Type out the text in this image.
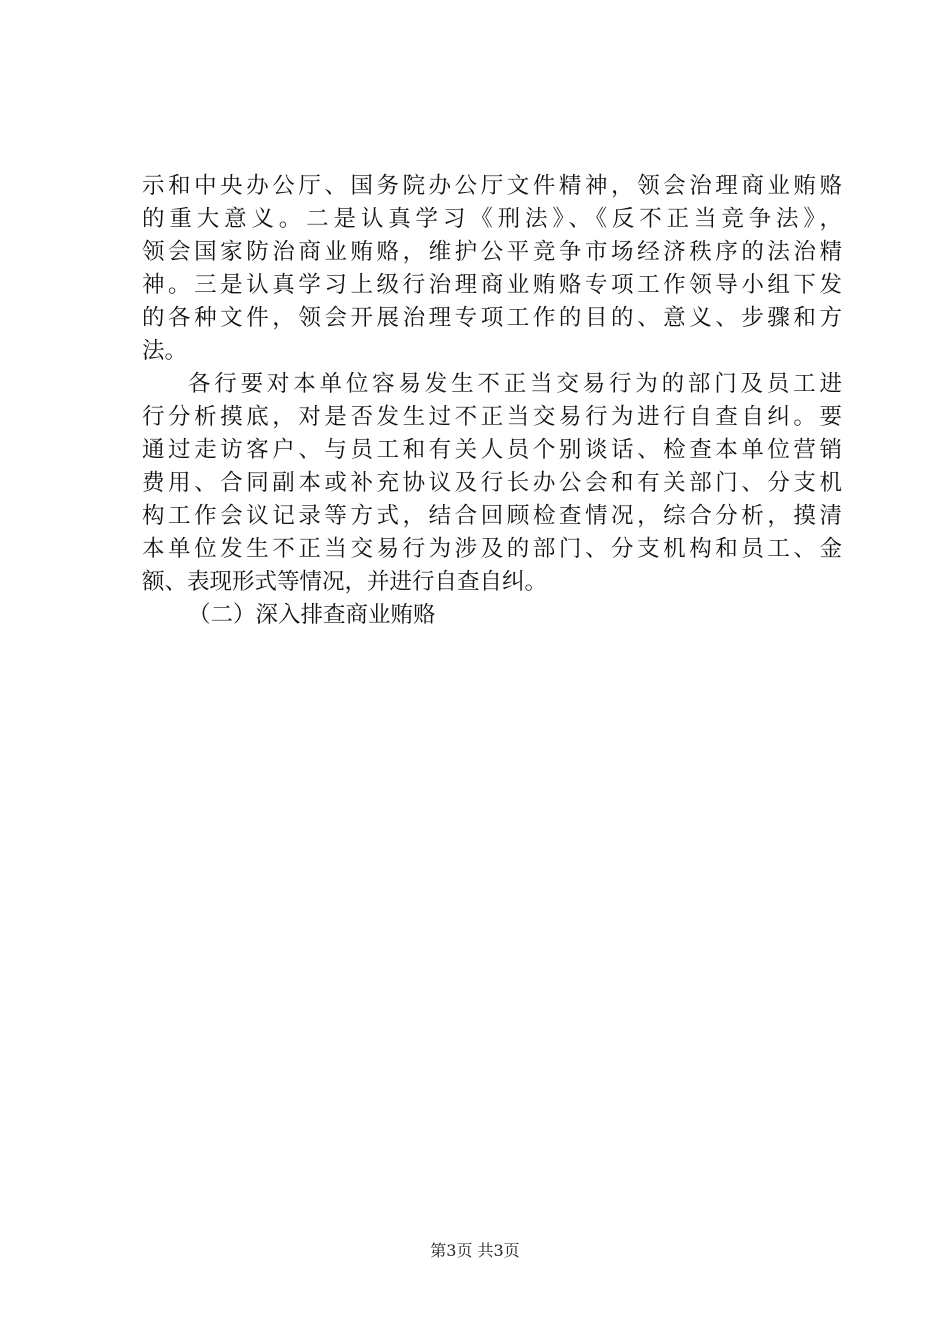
示和中央办公厅、国务院办公厅文件精神，领会治理商业贿赂
的重大意义。二是认真学习《刑法》、《反不正当竞争法》，
领会国家防治商业贿赂，维护公平竞争市场经济秩序的法治精
神。三是认真学习上级行治理商业贿赂专项工作领导小组下发
的各种文件，领会开展治理专项工作的目的、意义、步骤和方
法。
各行要对本单位容易发生不正当交易行为的部门及员工进
行分析摸底，对是否发生过不正当交易行为进行自查自纠。要
通过走访客户、与员工和有关人员个别谈话、检查本单位营销
费用、合同副本或补充协议及行长办公会和有关部门、分支机
构工作会议记录等方式，结合回顾检查情况，综合分析，摸清
本单位发生不正当交易行为涉及的部门、分支机构和员工、金
额、表现形式等情况，并进行自查自纠。
（二）深入排查商业贿赂
第3页 共3页
